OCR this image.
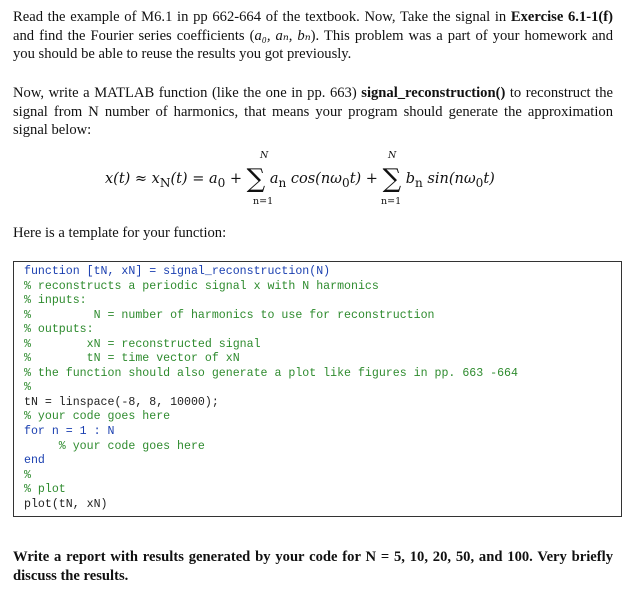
Read the example of M6.1 in pp 662-664 of the textbook. Now, Take the signal in Exercise 6.1-1(f) and find the Fourier series coefficients (a₀, aₙ, bₙ). This problem was a part of your homework and you should be able to reuse the results you got previously.
Now, write a MATLAB function (like the one in pp. 663) signal_reconstruction() to reconstruct the signal from N number of harmonics, that means your program should generate the approximation signal below:
N
n=1
N
n=1
$x(t) \approx x_N(t) = a_0$ + ∑ $a_n$ $\cos(n\omega_0t)$ + ∑ $b_n$ $\sin(n\omega_0t)$
Here is a template for your function:
function [tN, xN] = signal_reconstruction(N)
% reconstructs a periodic signal x with N harmonics
% inputs:
%         N = number of harmonics to use for reconstruction
% outputs:
%        xN = reconstructed signal
%        tN = time vector of xN
% the function should also generate a plot like figures in pp. 663 -664
%
tN = linspace(-8, 8, 10000);
% your code goes here
for n = 1 : N
% your code goes here
end
%
% plot
plot(tN, xN)
Write a report with results generated by your code for N = 5, 10, 20, 50, and 100. Very briefly discuss the results.
